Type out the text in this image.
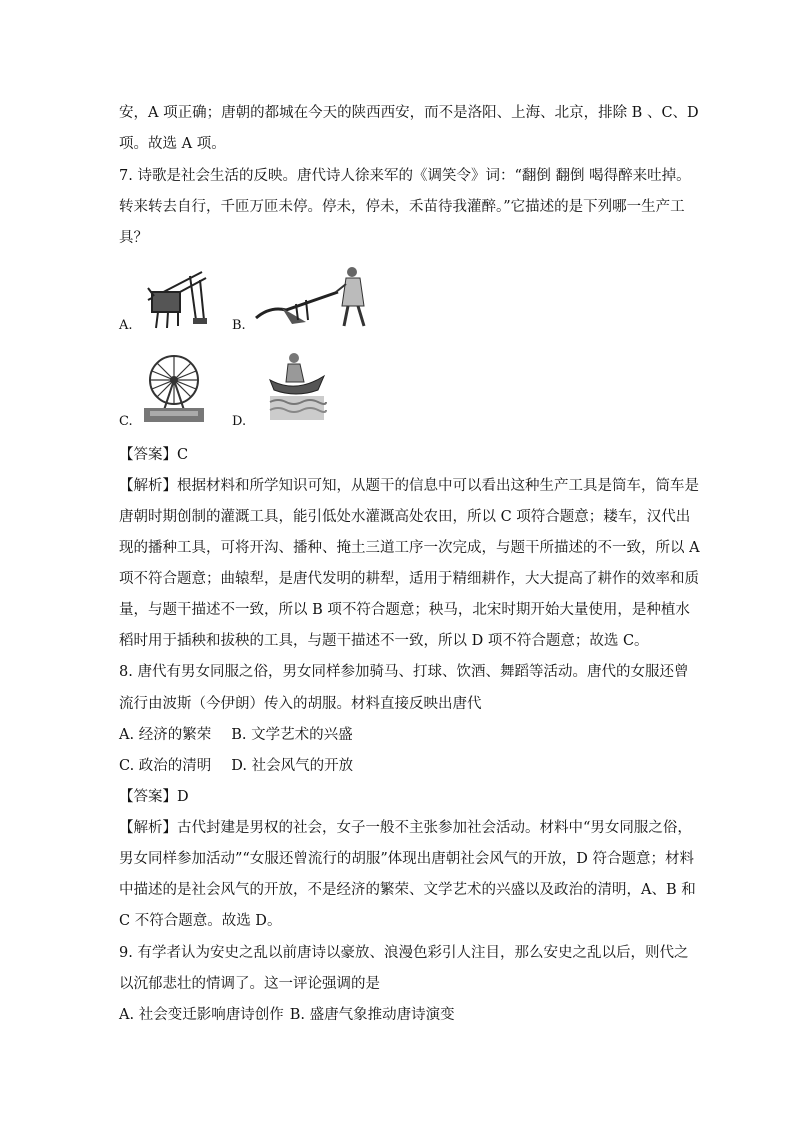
安，A 项正确；唐朝的都城在今天的陕西西安，而不是洛阳、上海、北京，排除 B 、C、D
项。故选 A 项。
7. 诗歌是社会生活的反映。唐代诗人徐来军的《调笑令》词：“翻倒 翻倒 喝得醉来吐掉。
转来转去自行，千匝万匝未停。停未，停未，禾苗待我灌醉。”它描述的是下列哪一生产工
具？
A.	B.
C.	D.
【答案】C
【解析】根据材料和所学知识可知，从题干的信息中可以看出这种生产工具是筒车，筒车是
唐朝时期创制的灌溉工具，能引低处水灌溉高处农田，所以 C 项符合题意；耧车，汉代出
现的播种工具，可将开沟、播种、掩土三道工序一次完成，与题干所描述的不一致，所以 A
项不符合题意；曲辕犁，是唐代发明的耕犁，适用于精细耕作，大大提高了耕作的效率和质
量，与题干描述不一致，所以 B 项不符合题意；秧马，北宋时期开始大量使用，是种植水
稻时用于插秧和拔秧的工具，与题干描述不一致，所以 D 项不符合题意；故选 C。
8. 唐代有男女同服之俗，男女同样参加骑马、打球、饮酒、舞蹈等活动。唐代的女服还曾
流行由波斯（今伊朗）传入的胡服。材料直接反映出唐代
A. 经济的繁荣 B. 文学艺术的兴盛
C. 政治的清明 D. 社会风气的开放
【答案】D
【解析】古代封建是男权的社会，女子一般不主张参加社会活动。材料中“男女同服之俗，
男女同样参加活动”“女服还曾流行的胡服”体现出唐朝社会风气的开放，D 符合题意；材料
中描述的是社会风气的开放，不是经济的繁荣、文学艺术的兴盛以及政治的清明，A、B 和
C 不符合题意。故选 D。
9. 有学者认为安史之乱以前唐诗以豪放、浪漫色彩引人注目，那么安史之乱以后，则代之
以沉郁悲壮的情调了。这一评论强调的是
A. 社会变迁影响唐诗创作 B. 盛唐气象推动唐诗演变
